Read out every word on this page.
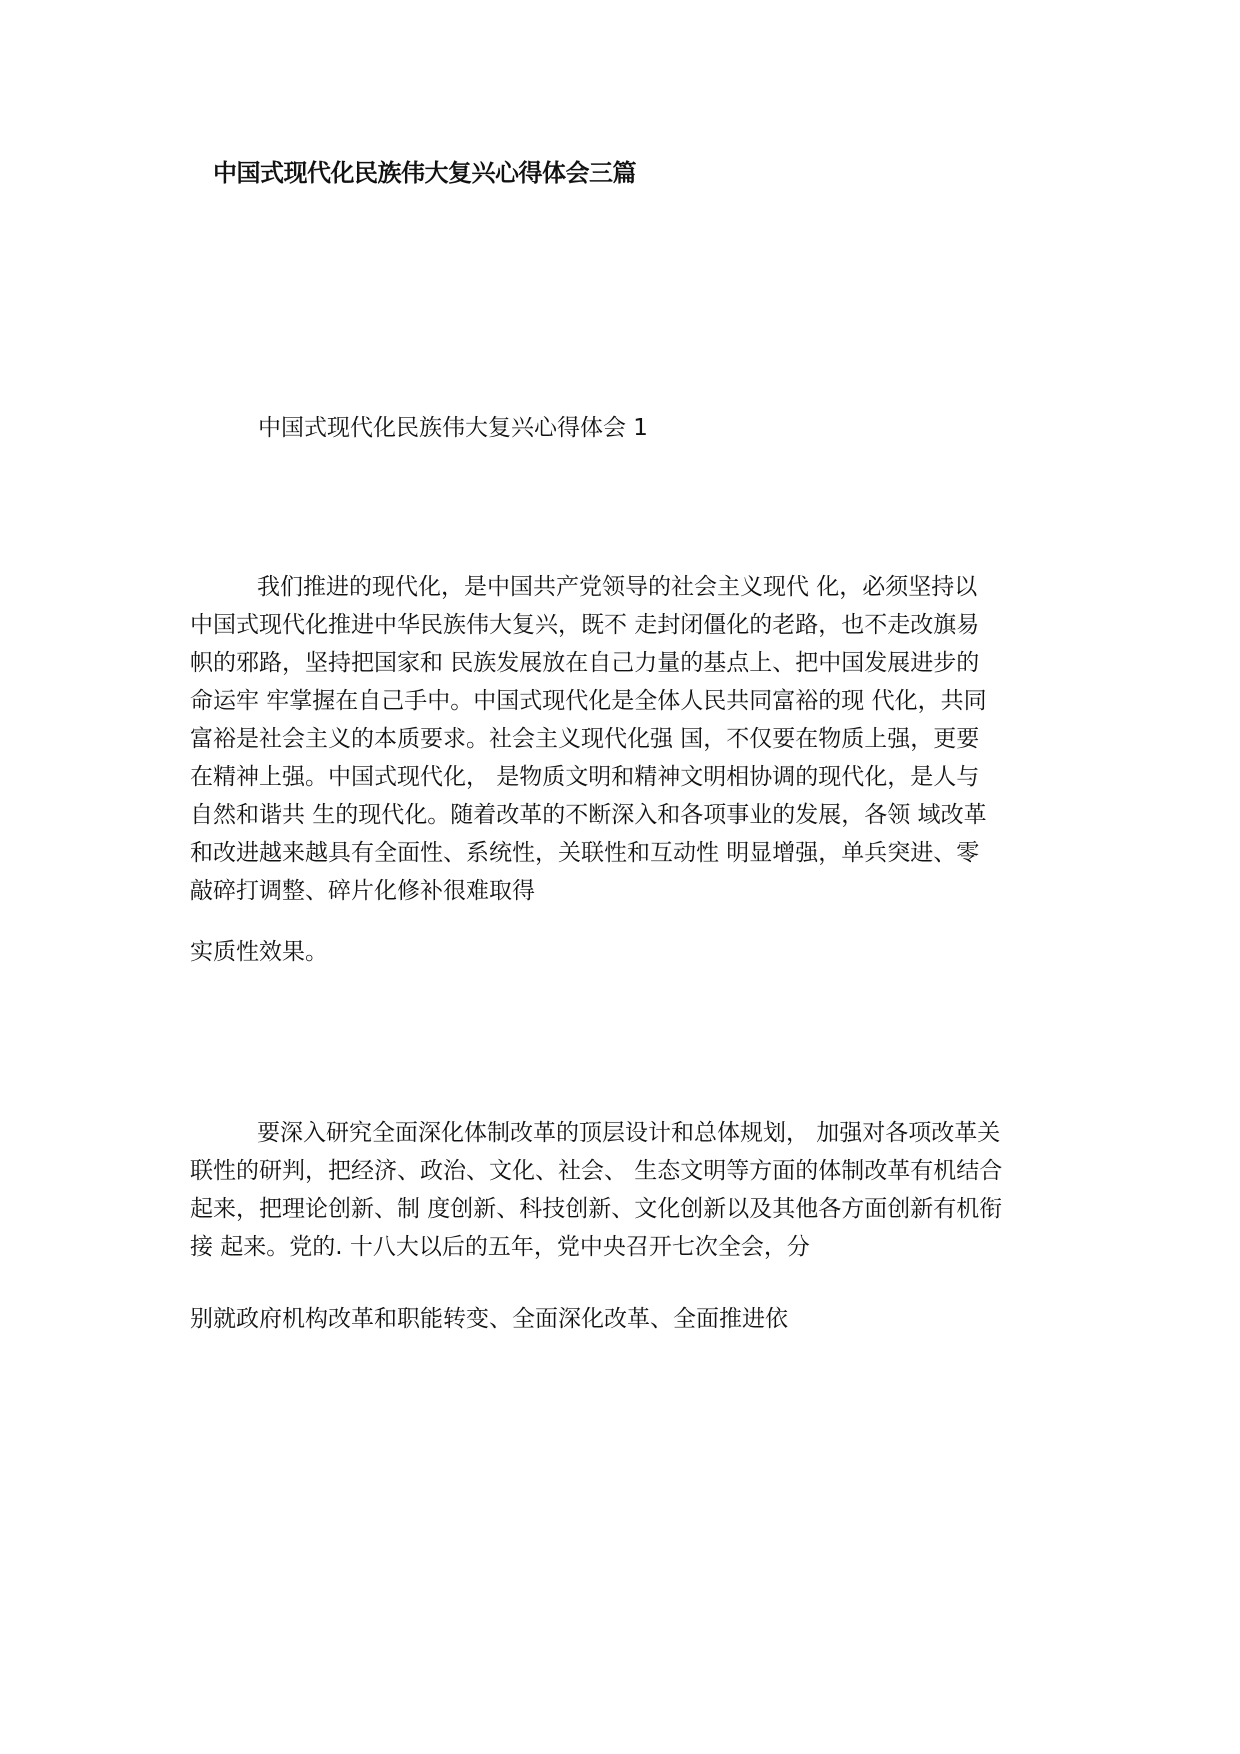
中国式现代化民族伟大复兴心得体会三篇
中国式现代化民族伟大复兴心得体会 1
我们推进的现代化，是中国共产党领导的社会主义现代 化，必须坚持以
中国式现代化推进中华民族伟大复兴，既不 走封闭僵化的老路，也不走改旗易
帜的邪路，坚持把国家和 民族发展放在自己力量的基点上、把中国发展进步的
命运牢 牢掌握在自己手中。中国式现代化是全体人民共同富裕的现 代化，共同
富裕是社会主义的本质要求。社会主义现代化强 国，不仅要在物质上强，更要
在精神上强。中国式现代化， 是物质文明和精神文明相协调的现代化，是人与
自然和谐共 生的现代化。随着改革的不断深入和各项事业的发展，各领 域改革
和改进越来越具有全面性、系统性，关联性和互动性 明显增强，单兵突进、零
敲碎打调整、碎片化修补很难取得
实质性效果。
要深入研究全面深化体制改革的顶层设计和总体规划， 加强对各项改革关
联性的研判，把经济、政治、文化、社会、 生态文明等方面的体制改革有机结合
起来，把理论创新、制 度创新、科技创新、文化创新以及其他各方面创新有机衔
接 起来。党的. 十八大以后的五年，党中央召开七次全会，分
别就政府机构改革和职能转变、全面深化改革、全面推进依
